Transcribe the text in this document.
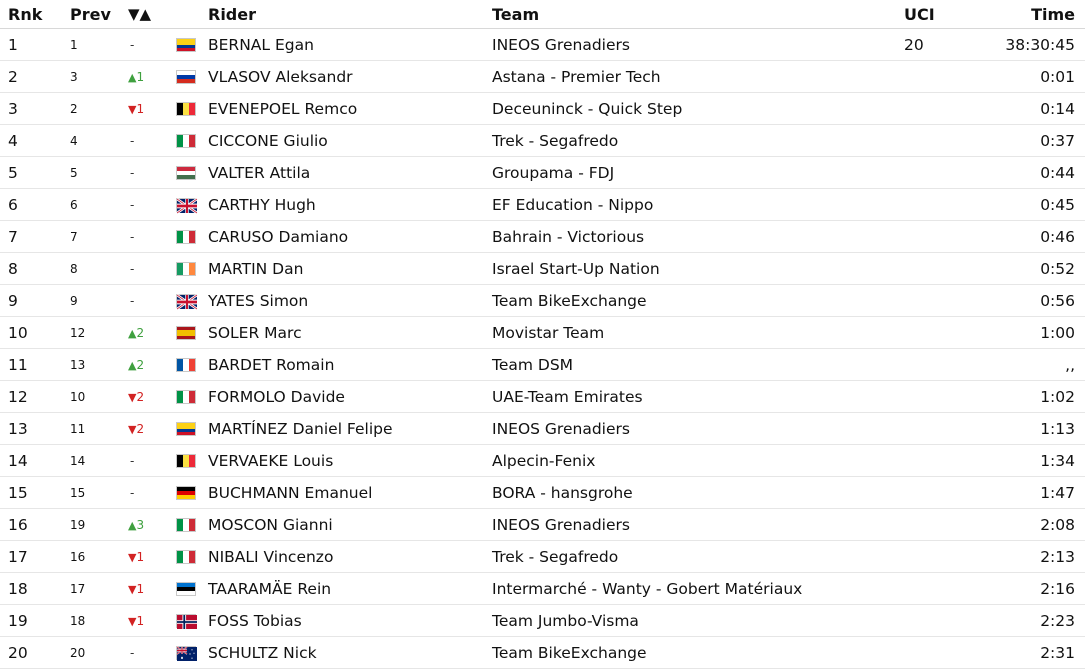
Rnk	Prev	▼▲		Rider	Team	UCI	Time
1	1	-		BERNAL Egan	INEOS Grenadiers	20	38:30:45
2	3	▲1		VLASOV Aleksandr	Astana - Premier Tech		0:01
3	2	▼1		EVENEPOEL Remco	Deceuninck - Quick Step		0:14
4	4	-		CICCONE Giulio	Trek - Segafredo		0:37
5	5	-		VALTER Attila	Groupama - FDJ		0:44
6	6	-		CARTHY Hugh	EF Education - Nippo		0:45
7	7	-		CARUSO Damiano	Bahrain - Victorious		0:46
8	8	-		MARTIN Dan	Israel Start-Up Nation		0:52
9	9	-		YATES Simon	Team BikeExchange		0:56
10	12	▲2		SOLER Marc	Movistar Team		1:00
11	13	▲2		BARDET Romain	Team DSM		,,
12	10	▼2		FORMOLO Davide	UAE-Team Emirates		1:02
13	11	▼2		MARTÍNEZ Daniel Felipe	INEOS Grenadiers		1:13
14	14	-		VERVAEKE Louis	Alpecin-Fenix		1:34
15	15	-		BUCHMANN Emanuel	BORA - hansgrohe		1:47
16	19	▲3		MOSCON Gianni	INEOS Grenadiers		2:08
17	16	▼1		NIBALI Vincenzo	Trek - Segafredo		2:13
18	17	▼1		TAARAMÄE Rein	Intermarché - Wanty - Gobert Matériaux		2:16
19	18	▼1		FOSS Tobias	Team Jumbo-Visma		2:23
20	20	-		SCHULTZ Nick	Team BikeExchange		2:31
